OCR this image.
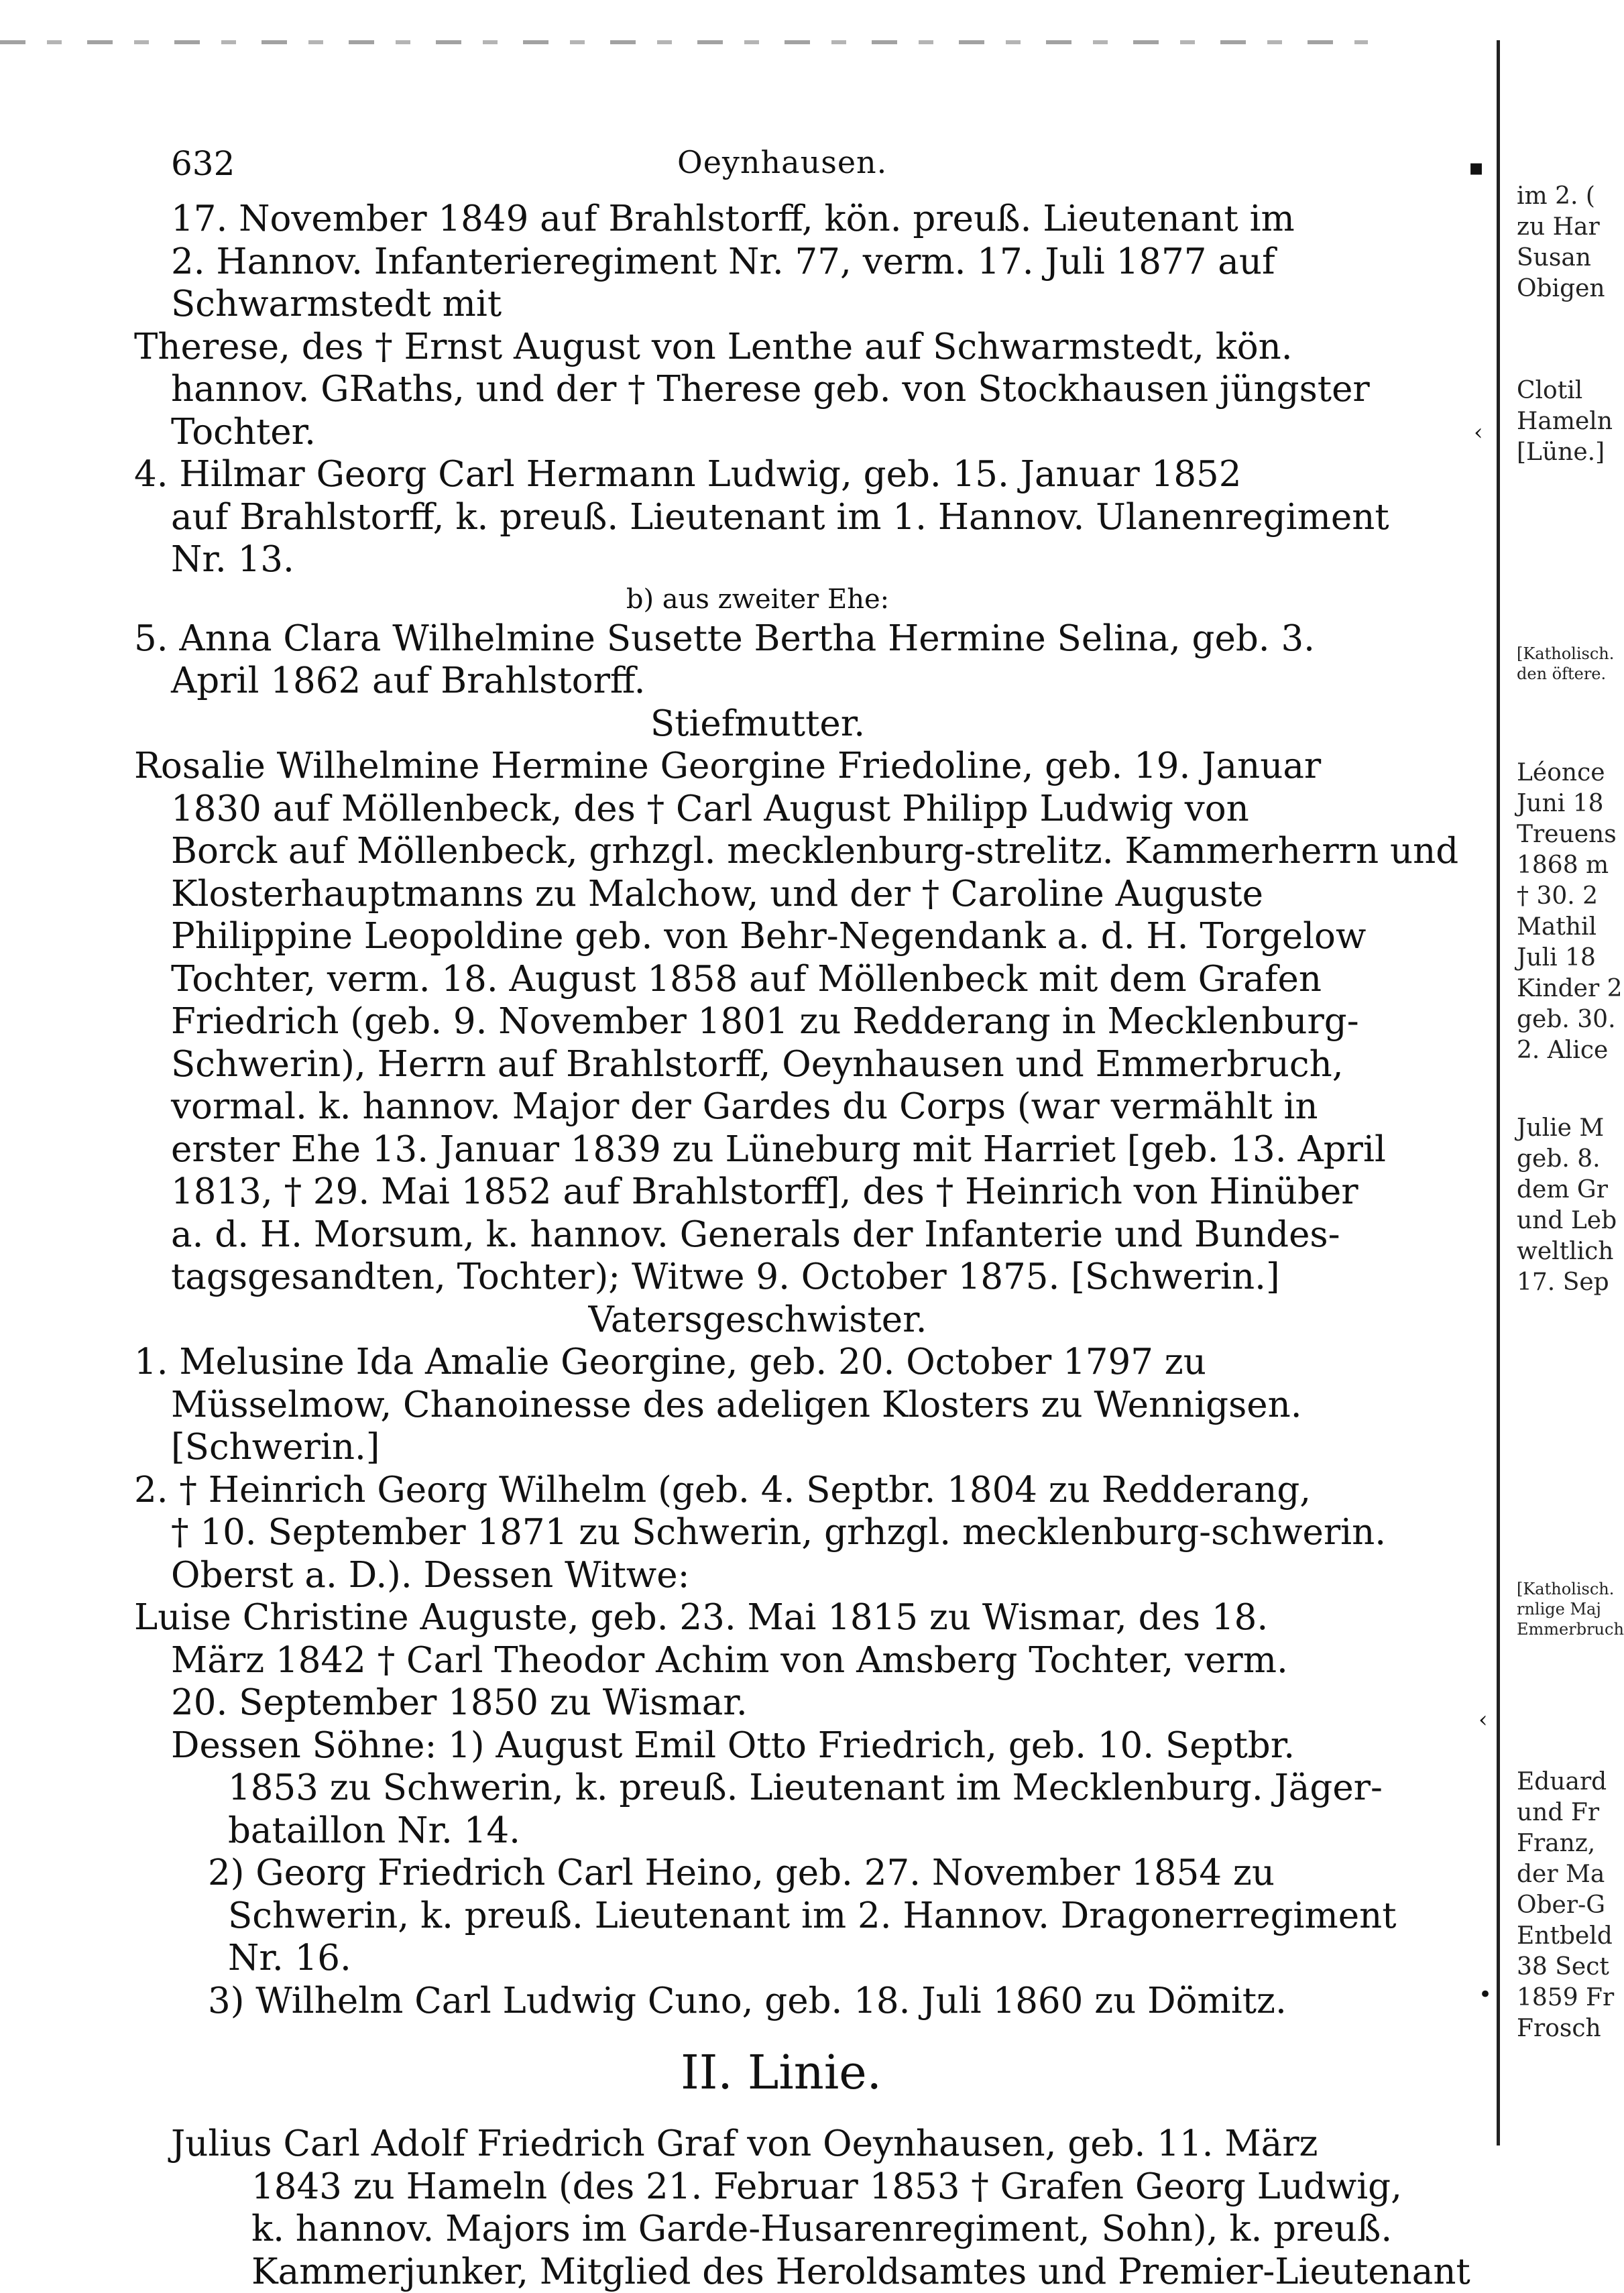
632	Oeynhausen.

17. November 1849 auf Brahlstorff, kön. preuß. Lieutenant im

2. Hannov. Infanterieregiment Nr. 77, verm. 17. Juli 1877 auf

Schwarmstedt mit

Therese, des † Ernst August von Lenthe auf Schwarmstedt, kön.

hannov. GRaths, und der † Therese geb. von Stockhausen jüngster

Tochter.

4. Hilmar Georg Carl Hermann Ludwig, geb. 15. Januar 1852

auf Brahlstorff, k. preuß. Lieutenant im 1. Hannov. Ulanenregiment

Nr. 13.

b) aus zweiter Ehe:

5. Anna Clara Wilhelmine Susette Bertha Hermine Selina, geb. 3.

April 1862 auf Brahlstorff.

Stiefmutter.

Rosalie Wilhelmine Hermine Georgine Friedoline, geb. 19. Januar

1830 auf Möllenbeck, des † Carl August Philipp Ludwig von

Borck auf Möllenbeck, grhzgl. mecklenburg-strelitz. Kammerherrn und

Klosterhauptmanns zu Malchow, und der † Caroline Auguste

Philippine Leopoldine geb. von Behr-Negendank a. d. H. Torgelow

Tochter, verm. 18. August 1858 auf Möllenbeck mit dem Grafen

Friedrich (geb. 9. November 1801 zu Redderang in Mecklenburg-

Schwerin), Herrn auf Brahlstorff, Oeynhausen und Emmerbruch,

vormal. k. hannov. Major der Gardes du Corps (war vermählt in

erster Ehe 13. Januar 1839 zu Lüneburg mit Harriet [geb. 13. April

1813, † 29. Mai 1852 auf Brahlstorff], des † Heinrich von Hinüber

a. d. H. Morsum, k. hannov. Generals der Infanterie und Bundes-

tagsgesandten, Tochter); Witwe 9. October 1875. [Schwerin.]

Vatersgeschwister.

1. Melusine Ida Amalie Georgine, geb. 20. October 1797 zu

Müsselmow, Chanoinesse des adeligen Klosters zu Wennigsen.

[Schwerin.]

2. † Heinrich Georg Wilhelm (geb. 4. Septbr. 1804 zu Redderang,

† 10. September 1871 zu Schwerin, grhzgl. mecklenburg-schwerin.

Oberst a. D.). Dessen Witwe:

Luise Christine Auguste, geb. 23. Mai 1815 zu Wismar, des 18.

März 1842 † Carl Theodor Achim von Amsberg Tochter, verm.

20. September 1850 zu Wismar.

Dessen Söhne: 1) August Emil Otto Friedrich, geb. 10. Septbr.

1853 zu Schwerin, k. preuß. Lieutenant im Mecklenburg. Jäger-

bataillon Nr. 14.

2) Georg Friedrich Carl Heino, geb. 27. November 1854 zu

Schwerin, k. preuß. Lieutenant im 2. Hannov. Dragonerregiment

Nr. 16.

3) Wilhelm Carl Ludwig Cuno, geb. 18. Juli 1860 zu Dömitz.

II. Linie.

Julius Carl Adolf Friedrich Graf von Oeynhausen, geb. 11. März

1843 zu Hameln (des 21. Februar 1853 † Grafen Georg Ludwig,

k. hannov. Majors im Garde-Husarenregiment, Sohn), k. preuß.

Kammerjunker, Mitglied des Heroldsamtes und Premier-Lieutenant

▪
‹
‹
•
im 2. (
zu Har
Susan
Obigen
Clotil
Hameln
[Lüne.]
[Katholisch.
den öftere.
Léonce
Juni 18
Treuens
1868 m
† 30. 2
Mathil
Juli 18
Kinder 2
geb. 30.
2. Alice
Julie M
geb. 8.
dem Gr
und Leb
weltlich
17. Sep
[Katholisch.
rnlige Maj
Emmerbruch
Eduard
und Fr
Franz,
der Ma
Ober-G
Entbeld
38 Sect
1859 Fr
Frosch
